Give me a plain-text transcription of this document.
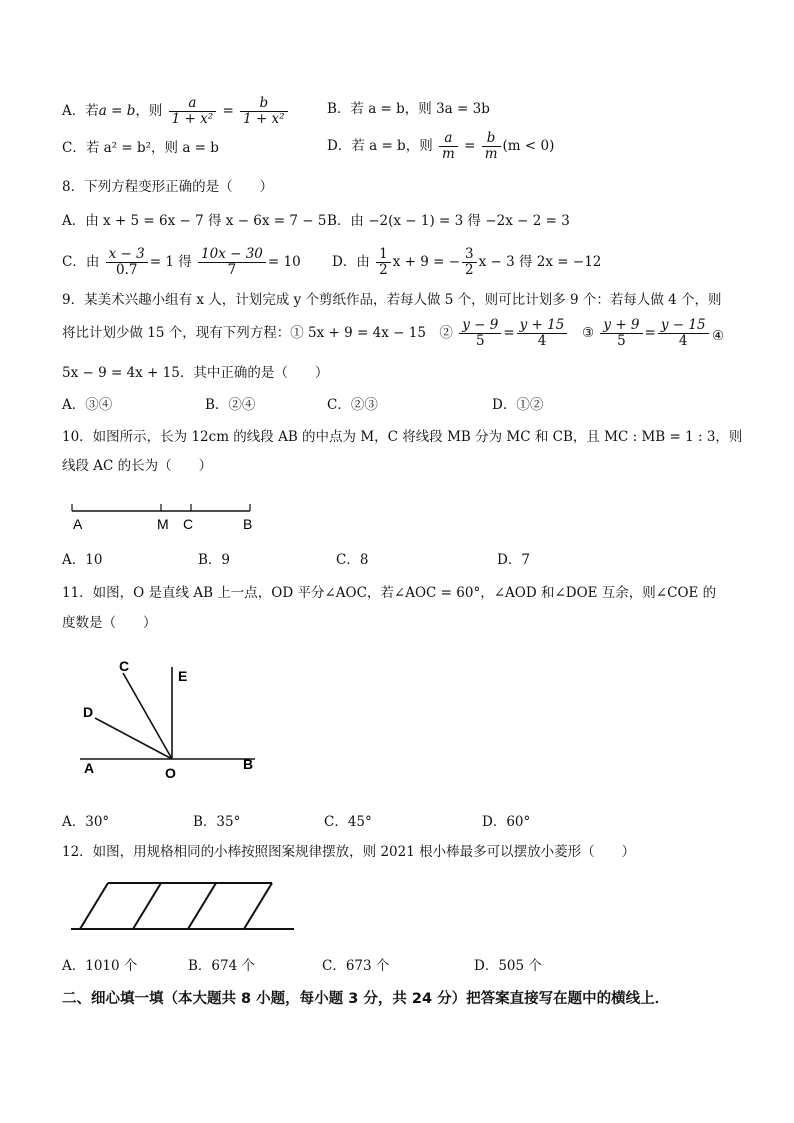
A．若a = b，则 $\frac{a}{\text{1 + x²}} = \frac{b}{\text{1 + x²}}$	B．若 a = b，则 3a = 3b
C．若 a² = b²，则 a = b	D．若 a = b，则 $\frac{a}{m} = \frac{b}{m} (m < 0)$
8．下列方程变形正确的是（　　）
A．由 x + 5 = 6x − 7 得 x − 6x = 7 − 5 B．由 −2(x − 1) = 3 得 −2x − 2 = 3
C．由 $\frac{x - 3}{0.7} = 1$ 得 $\frac{10x - 30}{7} = 10$ D．由 $\frac{1}{2}$ x + 9 = − $\frac{3}{2}$ x − 3 得 2x = −12
9．某美术兴趣小组有 x 人，计划完成 y 个剪纸作品，若每人做 5 个，则可比计划多 9 个：若每人做 4 个，则
将比计划少做 15 个，现有下列方程：① 5x + 9 = 4x − 15　② $\frac{y - 9}{5} = \frac{y + 15}{4}$ ③ $\frac{y + 9}{5} = \frac{y - 15}{4}$ ④
5x − 9 = 4x + 15．其中正确的是（　　）
A．③④	B．②④	C．②③	D．①②
10．如图所示，长为 12cm 的线段 AB 的中点为 M，C 将线段 MB 分为 MC 和 CB，且 MC : MB = 1 : 3，则
线段 AC 的长为（　　）
A	M C	B
A．10	B．9	C．8	D．7
11．如图，O 是直线 AB 上一点，OD 平分∠AOC，若∠AOC = 60°，∠AOD 和∠DOE 互余，则∠COE 的
度数是（　　）
C
E
D
A	O
B
A．30°	B．35°	C．45°	D．60°
12．如图，用规格相同的小棒按照图案规律摆放，则 2021 根小棒最多可以摆放小菱形（　　）
A．1010 个	B．674 个	C．673 个	D．505 个
二、细心填一填（本大题共 8 小题，每小题 3 分，共 24 分）把答案直接写在题中的横线上．
